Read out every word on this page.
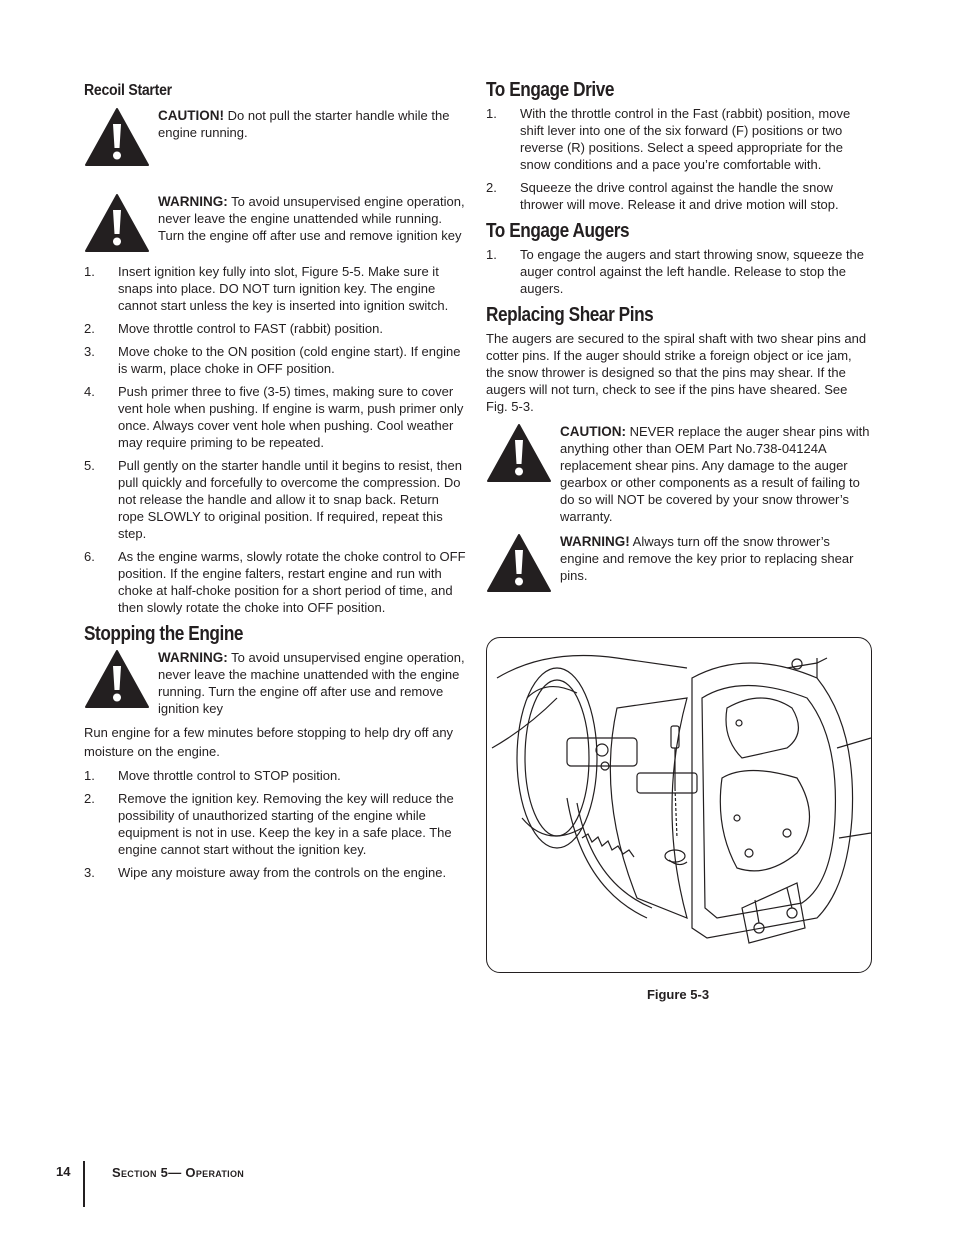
Recoil Starter
CAUTION! Do not pull the starter handle while the engine running.
WARNING: To avoid unsupervised engine operation, never leave the engine unattended while running. Turn the engine off after use and remove ignition key
1. Insert ignition key fully into slot, Figure 5-5. Make sure it snaps into place. DO NOT turn ignition key. The engine cannot start unless the key is inserted into ignition switch.
2. Move throttle control to FAST (rabbit) position.
3. Move choke to the ON position (cold engine start). If engine is warm, place choke in OFF position.
4. Push primer three to five (3-5) times, making sure to cover vent hole when pushing. If engine is warm, push primer only once. Always cover vent hole when pushing. Cool weather may require priming to be repeated.
5. Pull gently on the starter handle until it begins to resist, then pull quickly and forcefully to overcome the compression. Do not release the handle and allow it to snap back. Return rope SLOWLY to original position. If required, repeat this step.
6. As the engine warms, slowly rotate the choke control to OFF position. If the engine falters, restart engine and run with choke at half-choke position for a short period of time, and then slowly rotate the choke into OFF position.
Stopping the Engine
WARNING: To avoid unsupervised engine operation, never leave the machine unattended with the engine running. Turn the engine off after use and remove ignition key

Run engine for a few minutes before stopping to help dry off any moisture on the engine.

1. Move throttle control to STOP position.
2. Remove the ignition key. Removing the key will reduce the possibility of unauthorized starting of the engine while equipment is not in use. Keep the key in a safe place. The engine cannot start without the ignition key.
3. Wipe any moisture away from the controls on the engine.
To Engage Drive
1. With the throttle control in the Fast (rabbit) position, move shift lever into one of the six forward (F) positions or two reverse (R) positions. Select a speed appropriate for the snow conditions and a pace you’re comfortable with.
2. Squeeze the drive control against the handle the snow thrower will move. Release it and drive motion will stop.
To Engage Augers
1. To engage the augers and start throwing snow, squeeze the auger control against the left handle. Release to stop the augers.
Replacing Shear Pins

The augers are secured to the spiral shaft with two shear pins and cotter pins. If the auger should strike a foreign object or ice jam, the snow thrower is designed so that the pins may shear. If the augers will not turn, check to see if the pins have sheared. See Fig. 5-3.

CAUTION: NEVER replace the auger shear pins with anything other than OEM Part No.738-04124A replacement shear pins. Any damage to the auger gearbox or other components as a result of failing to do so will NOT be covered by your snow thrower’s warranty.
WARNING! Always turn off the snow thrower’s engine and remove the key prior to replacing shear pins.
Figure 5-3
14	Section 5— Operation
